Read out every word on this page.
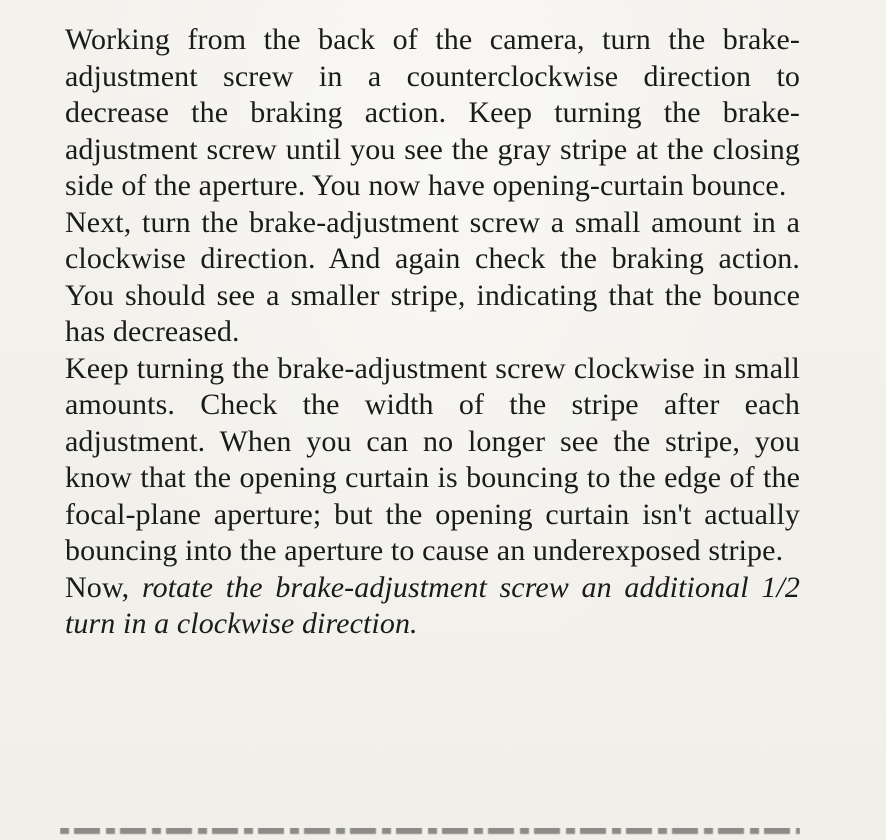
Working from the back of the camera, turn the brake-adjustment screw in a counterclockwise direction to decrease the braking action. Keep turning the brake-adjustment screw until you see the gray stripe at the closing side of the aperture. You now have opening-curtain bounce.

Next, turn the brake-adjustment screw a small amount in a clockwise direction. And again check the braking action. You should see a smaller stripe, indicating that the bounce has decreased.

Keep turning the brake-adjustment screw clockwise in small amounts. Check the width of the stripe after each adjustment. When you can no longer see the stripe, you know that the opening curtain is bouncing to the edge of the focal-plane aperture; but the opening curtain isn't actually bouncing into the aperture to cause an underexposed stripe.

Now, rotate the brake-adjustment screw an additional 1/2 turn in a clockwise direction.
